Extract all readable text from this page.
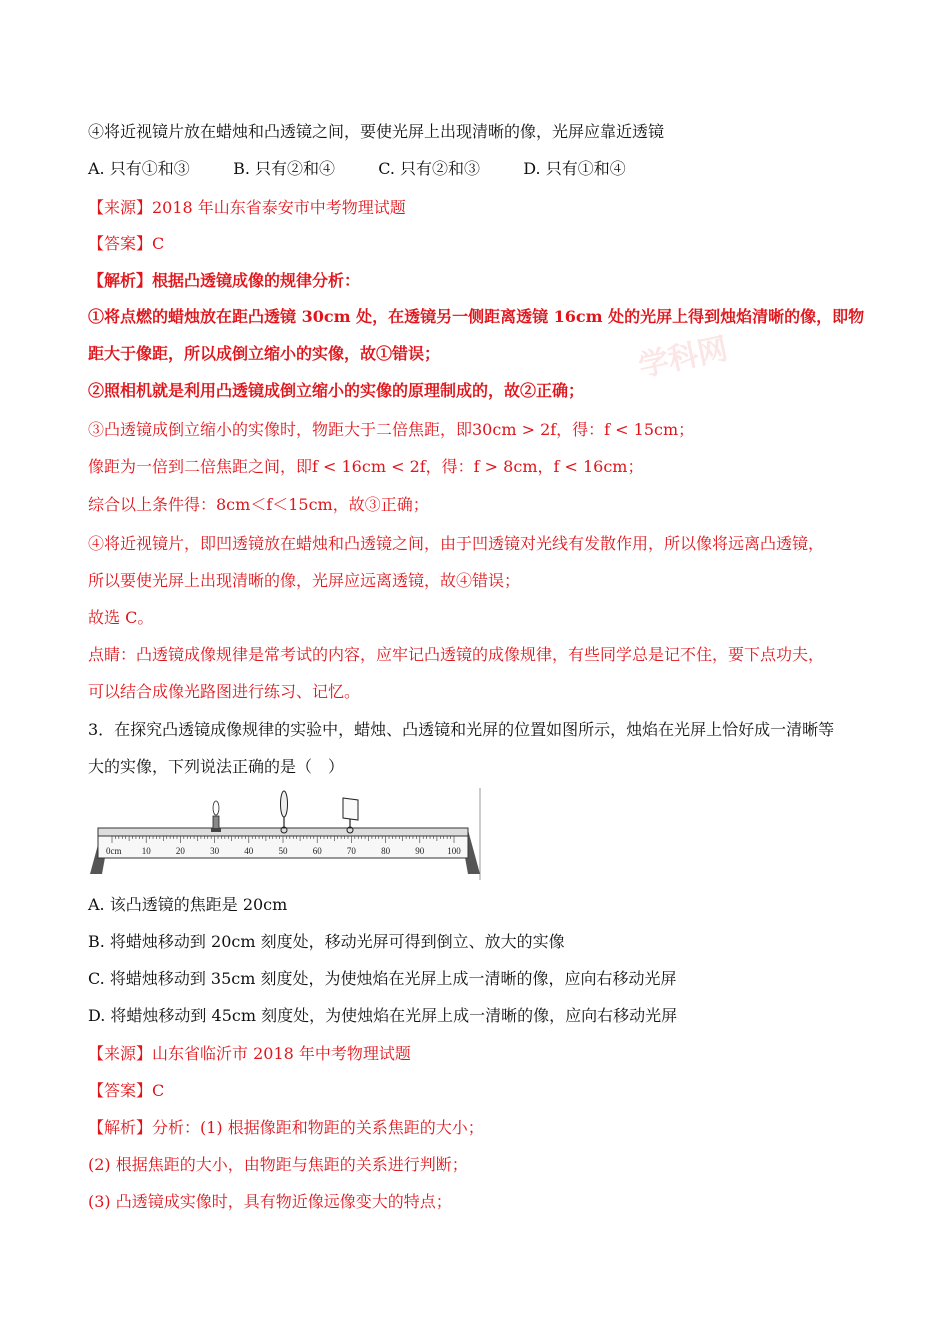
④将近视镜片放在蜡烛和凸透镜之间，要使光屏上出现清晰的像，光屏应靠近透镜
A. 只有①和③	B. 只有②和④	C. 只有②和③	D. 只有①和④
【来源】2018 年山东省泰安市中考物理试题
【答案】C
【解析】根据凸透镜成像的规律分析：
①将点燃的蜡烛放在距凸透镜 30cm 处，在透镜另一侧距离透镜 16cm 处的光屏上得到烛焰清晰的像，即物
距大于像距，所以成倒立缩小的实像，故①错误；
②照相机就是利用凸透镜成倒立缩小的实像的原理制成的，故②正确；
③凸透镜成倒立缩小的实像时，物距大于二倍焦距，即30cm > 2f，得：f < 15cm；
像距为一倍到二倍焦距之间，即f < 16cm < 2f，得：f > 8cm，f < 16cm；
综合以上条件得：8cm＜f＜15cm，故③正确；
④将近视镜片，即凹透镜放在蜡烛和凸透镜之间，由于凹透镜对光线有发散作用，所以像将远离凸透镜，
所以要使光屏上出现清晰的像，光屏应远离透镜，故④错误；
故选 C。
点睛：凸透镜成像规律是常考试的内容，应牢记凸透镜的成像规律，有些同学总是记不住，要下点功夫，
可以结合成像光路图进行练习、记忆。
学科网
3．在探究凸透镜成像规律的实验中，蜡烛、凸透镜和光屏的位置如图所示，烛焰在光屏上恰好成一清晰等
大的实像，下列说法正确的是（　）
0cm 10	20	30	40	50	60	70	80	90	100
A. 该凸透镜的焦距是 20cm
B. 将蜡烛移动到 20cm 刻度处，移动光屏可得到倒立、放大的实像
C. 将蜡烛移动到 35cm 刻度处，为使烛焰在光屏上成一清晰的像，应向右移动光屏
D. 将蜡烛移动到 45cm 刻度处，为使烛焰在光屏上成一清晰的像，应向右移动光屏
【来源】山东省临沂市 2018 年中考物理试题
【答案】C
【解析】分析：(1) 根据像距和物距的关系焦距的大小；
(2) 根据焦距的大小，由物距与焦距的关系进行判断；
(3) 凸透镜成实像时，具有物近像远像变大的特点；
